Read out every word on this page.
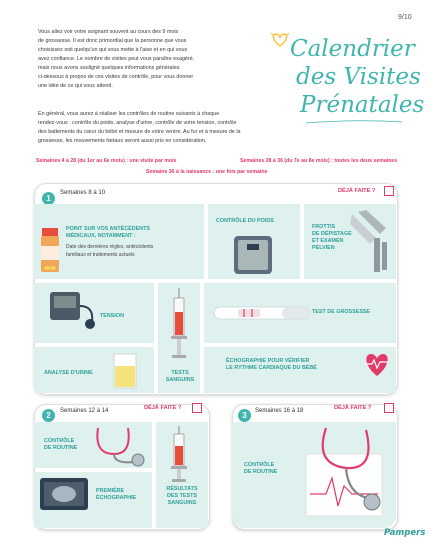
9/10
Vous allez voir votre soignant souvent au cours des 9 mois
de grossesse. Il est donc primordial que la personne que vous
choisissez soit quelqu'un qui vous mette à l'aise et en qui vous
avez confiance. Le nombre de visites peut vous paraître exagéré,
mais nous avons souligné quelques informations générales
ci-dessous à propos de ces visites de contrôle, pour vous donner
une idée de ce qui vous attend.
En général, vous aurez à réaliser les contrôles de routine suivants à chaque
rendez-vous : contrôle du poids, analyse d'urine, contrôle de votre tension, contrôle
des battements du cœur du bébé et mesure de votre ventre. Au fur et à mesure de la
grossesse, les mouvements fœtaux seront aussi pris en considération.
Calendrier
des Visites
Prénatales
Semaines 4 à 28 (du 1er au 6e mois) : une visite par mois	Semaines 28 à 36 (du 7e au 8e mois) : toutes les deux semaines
Semaine 36 à la naissance : une fois par semaine
1
Semaines 8 à 10	DÉJÀ FAITE ?
POINT SUR VOS ANTÉCÉDENTS
MÉDICAUX, NOTAMMENT :
Date des dernières règles, antécédents
familiaux et traitements actuels
CONTRÔLE DU POIDS
FROTTIS
DE DÉPISTAGE
ET EXAMEN
PELVIEN
TENSION
TESTS
SANGUINS
TEST DE GROSSESSE
ANALYSE D'URINE
ÉCHOGRAPHIE POUR VÉRIFIER
LE RYTHME CARDIAQUE DU BÉBÉ
2	Semaines 12 à 14	DÉJÀ FAITE ?
CONTRÔLE
DE ROUTINE
RÉSULTATS
DES TESTS
SANGUINS
PREMIÈRE
ÉCHOGRAPHIE
3	Semaines 16 à 18	DÉJÀ FAITE ?
CONTRÔLE
DE ROUTINE
Pampers
